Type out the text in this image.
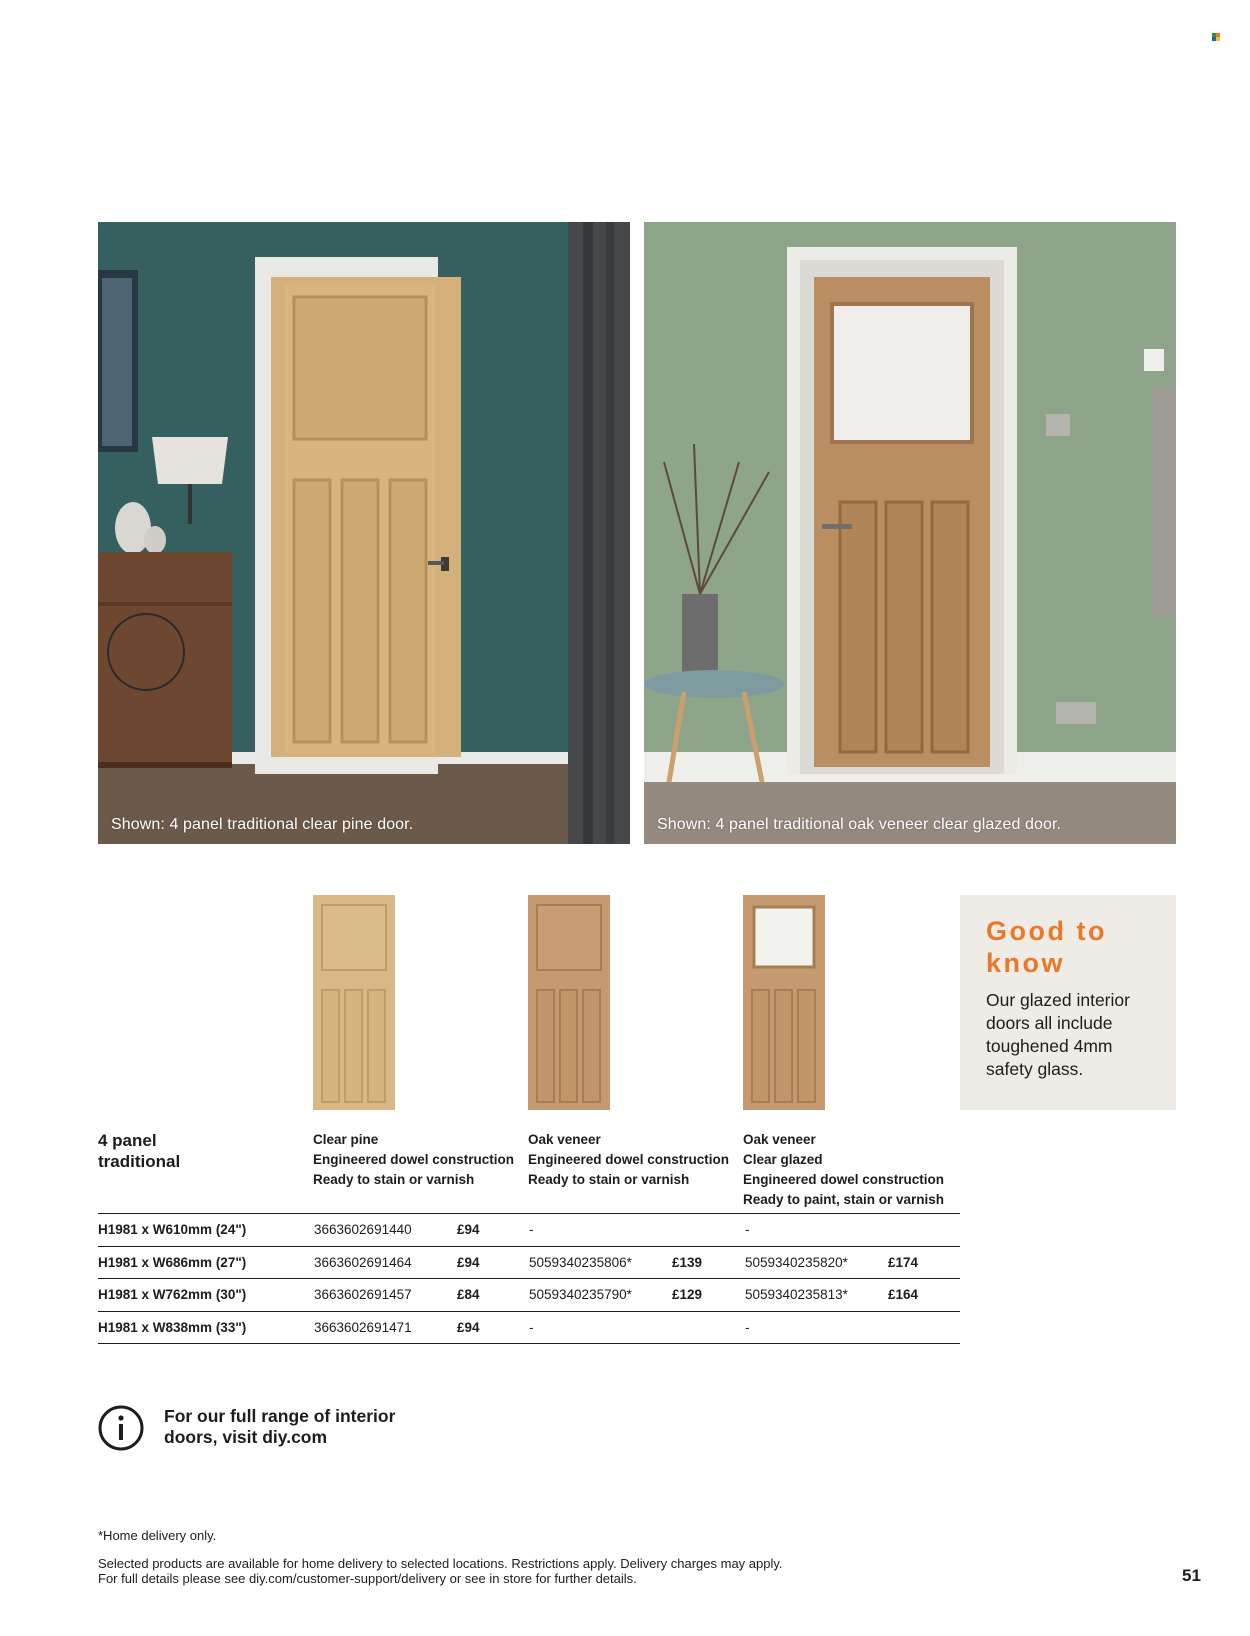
Shown: 4 panel traditional clear pine door.	Shown: 4 panel traditional oak veneer clear glazed door.
Good to
know
Our glazed interior doors all include toughened 4mm safety glass.
4 panel
traditional
Clear pine
Engineered dowel construction
Ready to stain or varnish
Oak veneer
Engineered dowel construction
Ready to stain or varnish
Oak veneer
Clear glazed
Engineered dowel construction
Ready to paint, stain or varnish
H1981 x W610mm (24")	3663602691440	£94	-	-
H1981 x W686mm (27")	3663602691464	£94	5059340235806*	£139	5059340235820*	£174
H1981 x W762mm (30")	3663602691457	£84	5059340235790*	£129	5059340235813*	£164
H1981 x W838mm (33")	3663602691471	£94	-	-
For our full range of interior
doors, visit diy.com
*Home delivery only.
Selected products are available for home delivery to selected locations. Restrictions apply. Delivery charges may apply.
For full details please see diy.com/customer-support/delivery or see in store for further details.	51
